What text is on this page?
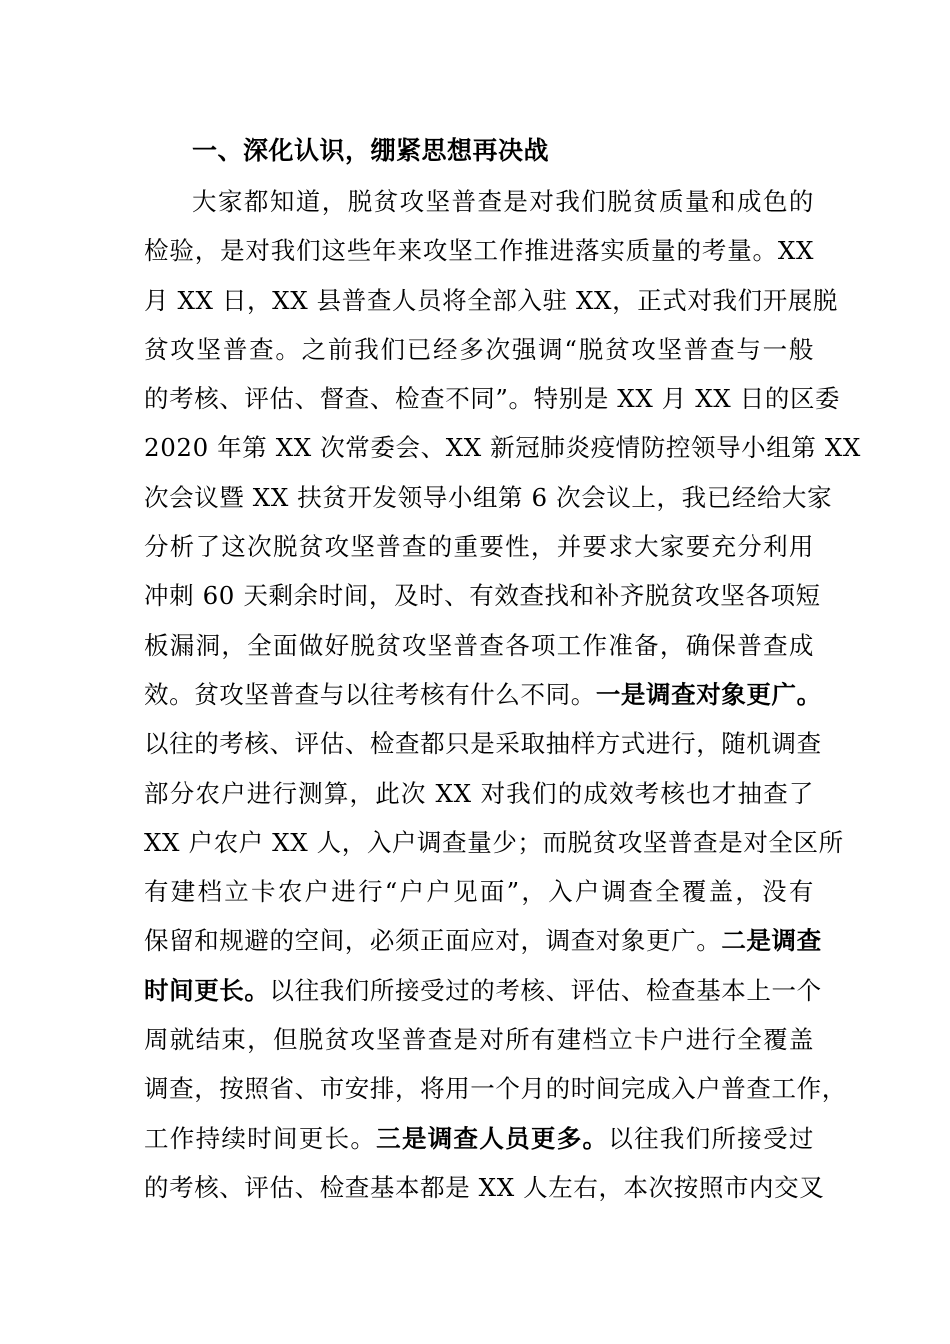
一、深化认识，绷紧思想再决战
大家都知道，脱贫攻坚普查是对我们脱贫质量和成色的
检验，是对我们这些年来攻坚工作推进落实质量的考量。XX
月 XX 日，XX 县普查人员将全部入驻 XX，正式对我们开展脱
贫攻坚普查。之前我们已经多次强调“脱贫攻坚普查与一般
的考核、评估、督查、检查不同”。特别是 XX 月 XX 日的区委
2020 年第 XX 次常委会、XX 新冠肺炎疫情防控领导小组第 XX
次会议暨 XX 扶贫开发领导小组第 6 次会议上，我已经给大家
分析了这次脱贫攻坚普查的重要性，并要求大家要充分利用
冲刺 60 天剩余时间，及时、有效查找和补齐脱贫攻坚各项短
板漏洞，全面做好脱贫攻坚普查各项工作准备，确保普查成
效。贫攻坚普查与以往考核有什么不同。一是调查对象更广。
以往的考核、评估、检查都只是采取抽样方式进行，随机调查
部分农户进行测算，此次 XX 对我们的成效考核也才抽查了
XX 户农户 XX 人，入户调查量少；而脱贫攻坚普查是对全区所
有建档立卡农户进行“户户见面”，入户调查全覆盖，没有
保留和规避的空间，必须正面应对，调查对象更广。二是调查
时间更长。以往我们所接受过的考核、评估、检查基本上一个
周就结束，但脱贫攻坚普查是对所有建档立卡户进行全覆盖
调查，按照省、市安排，将用一个月的时间完成入户普查工作，
工作持续时间更长。三是调查人员更多。以往我们所接受过
的考核、评估、检查基本都是 XX 人左右，本次按照市内交叉
